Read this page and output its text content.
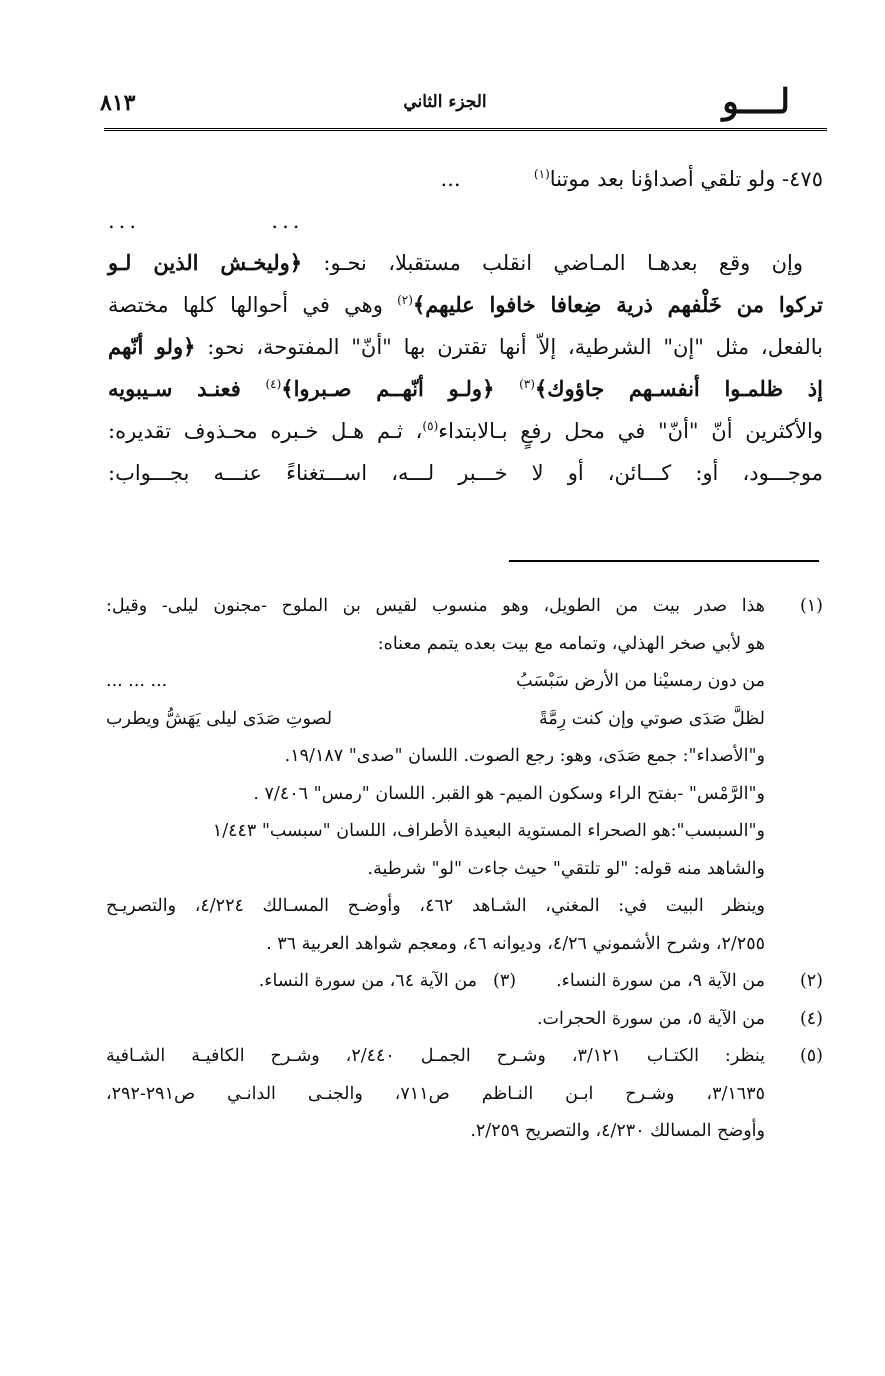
لــــو
الجزء الثاني
٨١٣

٤٧٥- ولو تلقي أصداؤنا بعد موتنا$^{(١)}$  ...

...  ...

وإن وقع بعدهـا المـاضي انقلب مستقبلا، نحـو: ﴿وليخـش الذين لـو

تركوا من خَلْفهم ذرية ضِعافا خافوا عليهم﴾$^{(٢)}$ وهي في أحوالها كلها مختصة

بالفعل، مثل "إن" الشرطية، إلاّ أنها تقترن بها "أنّ" المفتوحة، نحو: ﴿ولو أنّهم

إذ ظلمـوا أنفسـهم جاؤوك﴾$^{(٣)}$ ﴿ولـو أنّهــم صـبروا﴾$^{(٤)}$ فعنـد سـيبويه

والأكثرين أنّ "أنّ" في محل رفعٍ بـالابتداء$^{(٥)}$، ثـم هـل خـبره محـذوف تقديره:

موجـــود، أو: كـــائن، أو لا خـــبر لـــه، اســـتغناءً عنـــه بجـــواب:

(١)

هذا صدر بيت من الطويل، وهو منسوب لقيس بن الملوح -مجنون ليلى- وقيل:

هو لأبي صخر الهذلي، وتمامه مع بيت بعده يتمم معناه:

من دون رمسيْنا من الأرض سَبْسَبُ
... ... ...
لظلَّ صَدَى صوتي وإن كنت رِمَّةً
لصوتِ صَدَى ليلى يَهَشُّ ويطرب

و"الأصداء": جمع صَدَى، وهو: رجع الصوت. اللسان "صدى" ١٩/١٨٧.

و"الرَّمْس" -بفتح الراء وسكون الميم- هو القبر. اللسان "رمس" ٧/٤٠٦ .

و"السبسب":هو الصحراء المستوية البعيدة الأطراف، اللسان "سبسب" ١/٤٤٣

والشاهد منه قوله: "لو تلتقي" حيث جاءت "لو" شرطية.

وينظر البيت في: المغني، الشـاهد ٤٦٢، وأوضـح المسـالك ٤/٢٢٤، والتصريـح

٢/٢٥٥، وشرح الأشموني ٤/٢٦، وديوانه ٤٦، ومعجم شواهد العربية ٣٦ .

(٢)
من الآية ٩، من سورة النساء.
(٣)
من الآية ٦٤، من سورة النساء.
(٤)

من الآية ٥، من سورة الحجرات.

(٥)

ينظر: الكتـاب ٣/١٢١، وشـرح الجمـل ٢/٤٤٠، وشـرح الكافيـة الشـافية

٣/١٦٣٥، وشـرح ابـن النـاظم ص٧١١، والجنـى الدانـي ص٢٩١-٢٩٢،

وأوضح المسالك ٤/٢٣٠، والتصريح ٢/٢٥٩.
